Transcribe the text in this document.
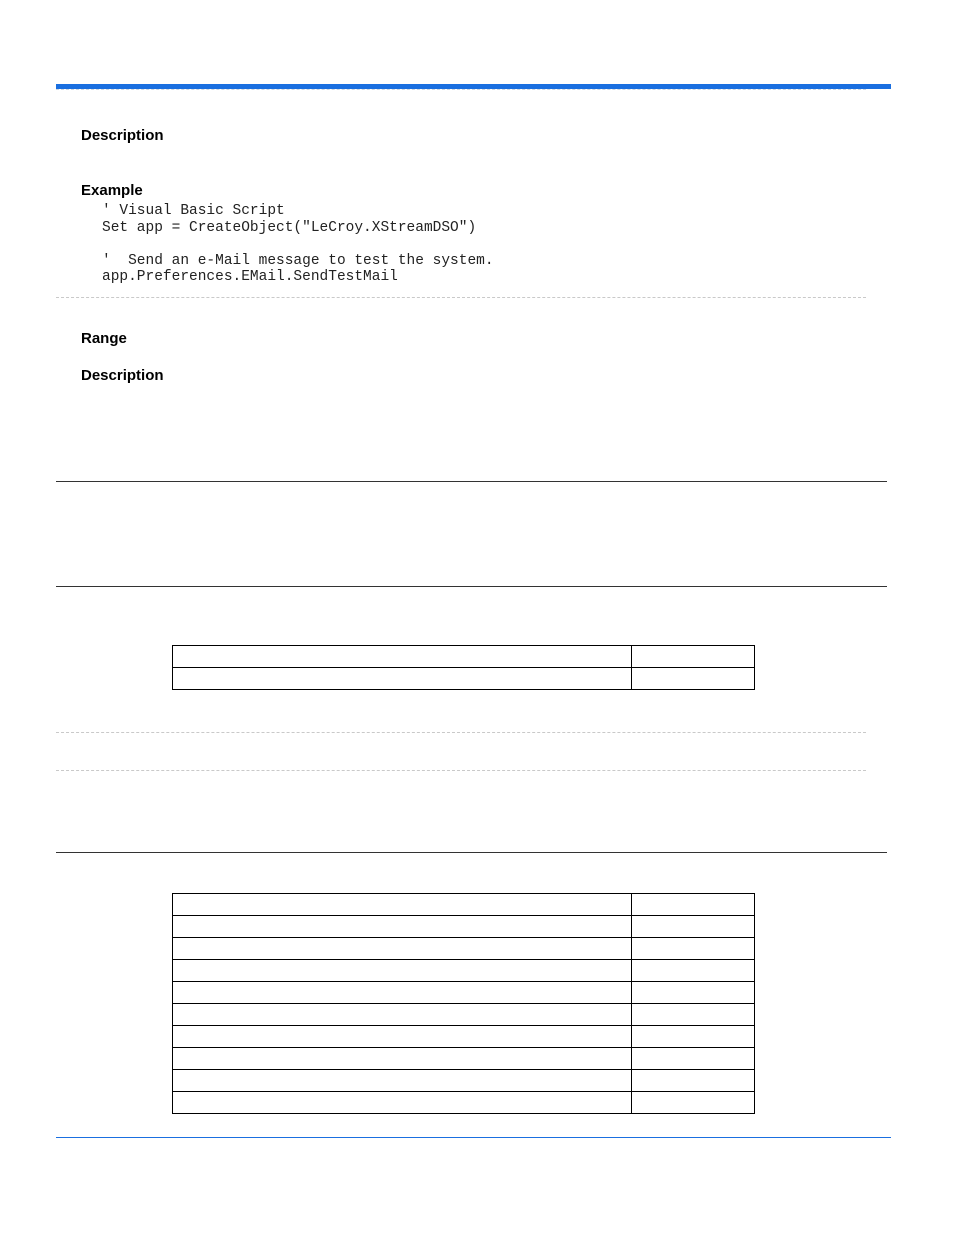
Description
Example
' Visual Basic Script
Set app = CreateObject("LeCroy.XStreamDSO")
'  Send an e-Mail message to test the system.
app.Preferences.EMail.SendTestMail
Range
Description
